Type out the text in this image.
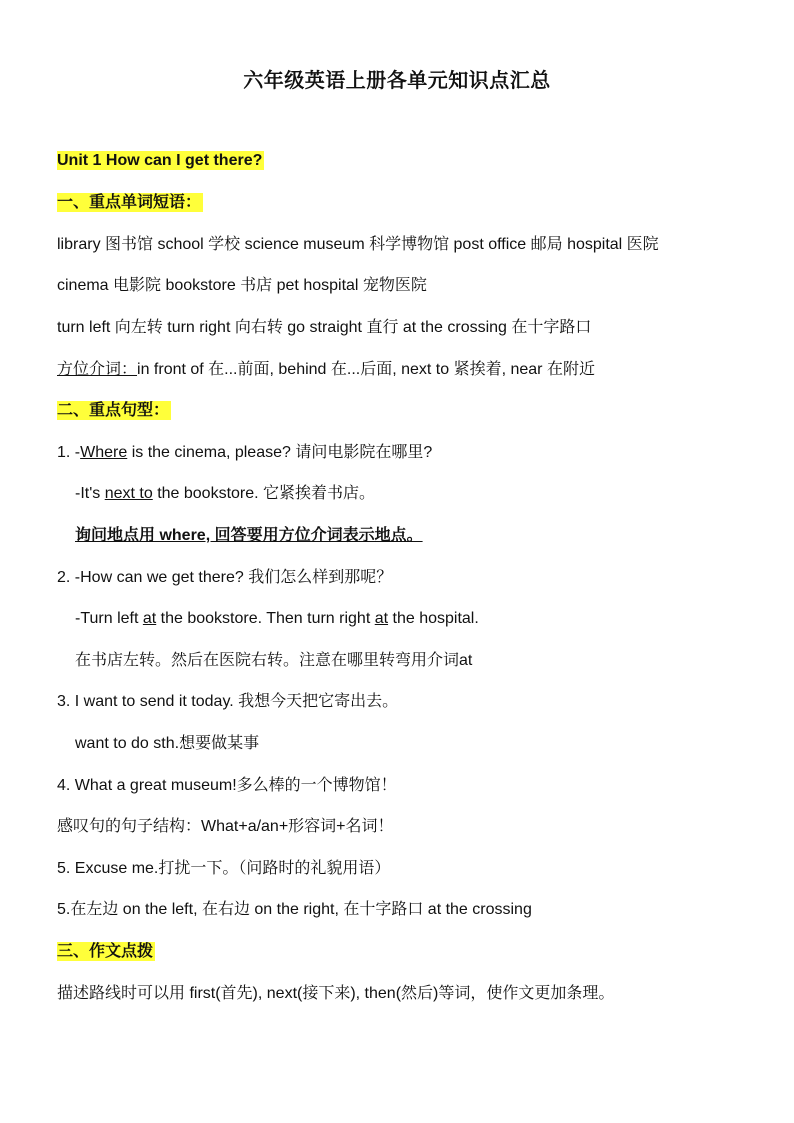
六年级英语上册各单元知识点汇总
Unit 1 How can I get there?
一、重点单词短语：
library 图书馆 school 学校 science museum 科学博物馆 post office 邮局 hospital 医院
cinema 电影院 bookstore 书店 pet hospital 宠物医院
turn left 向左转 turn right 向右转 go straight 直行 at the crossing 在十字路口
方位介词：in front of 在...前面, behind 在...后面, next to 紧挨着, near 在附近
二、重点句型：
1. -Where is the cinema, please? 请问电影院在哪里?
-It's next to the bookstore. 它紧挨着书店。
询问地点用 where, 回答要用方位介词表示地点。
2. -How can we get there? 我们怎么样到那呢？
-Turn left at the bookstore. Then turn right at the hospital.
在书店左转。然后在医院右转。注意在哪里转弯用介词at
3. I want to send it today. 我想今天把它寄出去。
want to do sth.想要做某事
4. What a great museum!多么棒的一个博物馆！
感叹句的句子结构：What+a/an+形容词+名词！
5. Excuse me.打扰一下。（问路时的礼貌用语）
5.在左边 on the left, 在右边 on the right, 在十字路口 at the crossing
三、作文点拨
描述路线时可以用 first(首先), next(接下来), then(然后)等词，使作文更加条理。
